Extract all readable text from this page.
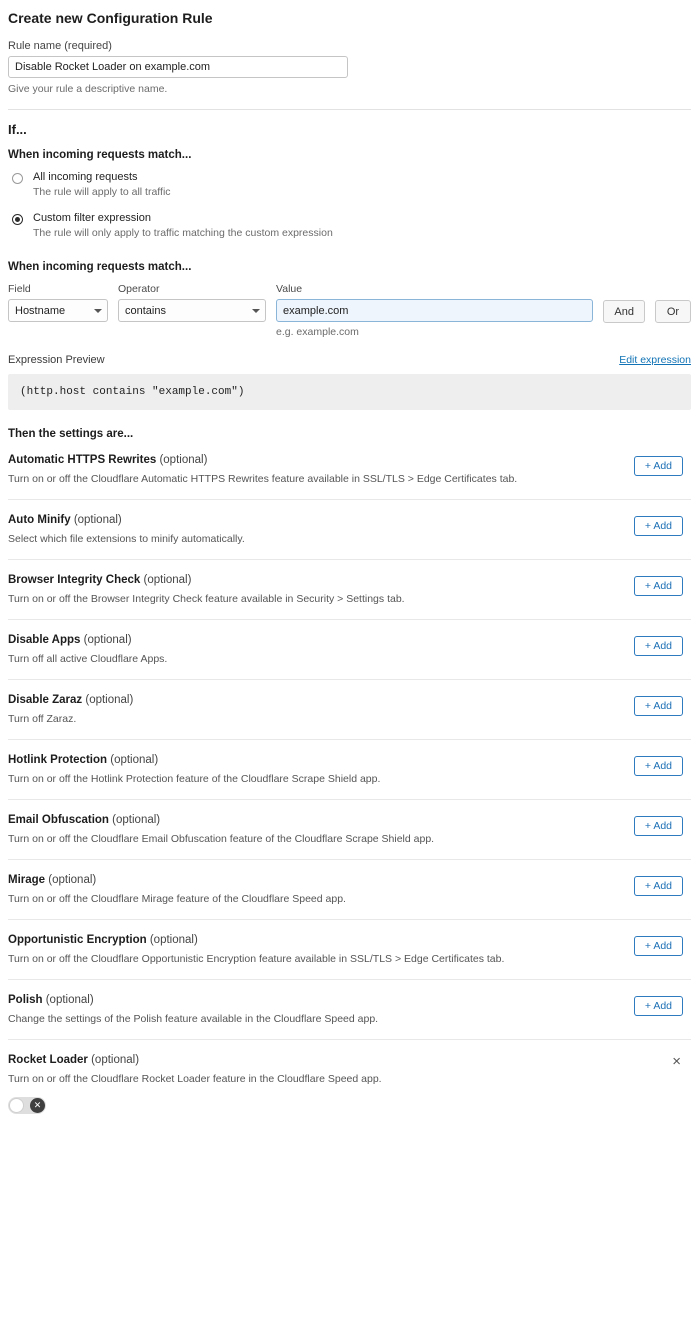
Create new Configuration Rule
Rule name (required)
Disable Rocket Loader on example.com
Give your rule a descriptive name.
If...
When incoming requests match...
All incoming requests
The rule will apply to all traffic
Custom filter expression
The rule will only apply to traffic matching the custom expression
When incoming requests match...
Field
Hostname	Operator
contains	Value
example.com
e.g. example.com
And	Or
Expression Preview	Edit expression
(http.host contains "example.com")
Then the settings are...
Automatic HTTPS Rewrites (optional)
Turn on or off the Cloudflare Automatic HTTPS Rewrites feature available in SSL/TLS > Edge Certificates tab.
+ Add
Auto Minify (optional)
Select which file extensions to minify automatically.
+ Add
Browser Integrity Check (optional)
Turn on or off the Browser Integrity Check feature available in Security > Settings tab.
+ Add
Disable Apps (optional)
Turn off all active Cloudflare Apps.
+ Add
Disable Zaraz (optional)
Turn off Zaraz.
+ Add
Hotlink Protection (optional)
Turn on or off the Hotlink Protection feature of the Cloudflare Scrape Shield app.
+ Add
Email Obfuscation (optional)
Turn on or off the Cloudflare Email Obfuscation feature of the Cloudflare Scrape Shield app.
+ Add
Mirage (optional)
Turn on or off the Cloudflare Mirage feature of the Cloudflare Speed app.
+ Add
Opportunistic Encryption (optional)
Turn on or off the Cloudflare Opportunistic Encryption feature available in SSL/TLS > Edge Certificates tab.
+ Add
Polish (optional)
Change the settings of the Polish feature available in the Cloudflare Speed app.
+ Add
Rocket Loader (optional)
Turn on or off the Cloudflare Rocket Loader feature in the Cloudflare Speed app.
×
✕
